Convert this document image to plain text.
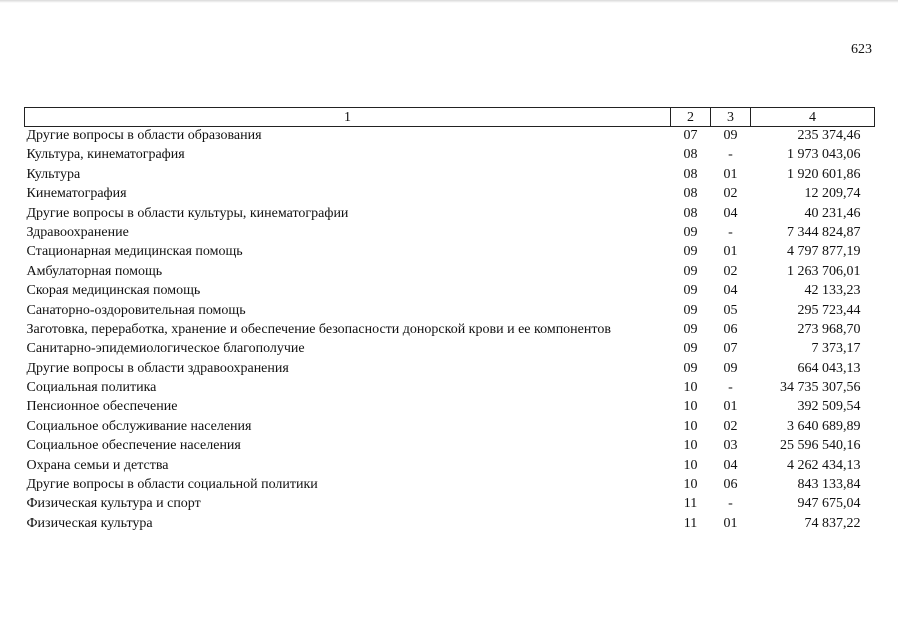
623
1	2	3	4
Другие вопросы в области образования	07	09	235 374,46
Культура, кинематография	08	-	1 973 043,06
Культура	08	01	1 920 601,86
Кинематография	08	02	12 209,74
Другие вопросы в области культуры, кинематографии	08	04	40 231,46
Здравоохранение	09	-	7 344 824,87
Стационарная медицинская помощь	09	01	4 797 877,19
Амбулаторная помощь	09	02	1 263 706,01
Скорая медицинская помощь	09	04	42 133,23
Санаторно-оздоровительная помощь	09	05	295 723,44
Заготовка, переработка, хранение и обеспечение безопасности донорской крови и ее компонентов	09	06	273 968,70
Санитарно-эпидемиологическое благополучие	09	07	7 373,17
Другие вопросы в области здравоохранения	09	09	664 043,13
Социальная политика	10	-	34 735 307,56
Пенсионное обеспечение	10	01	392 509,54
Социальное обслуживание населения	10	02	3 640 689,89
Социальное обеспечение населения	10	03	25 596 540,16
Охрана семьи и детства	10	04	4 262 434,13
Другие вопросы в области социальной политики	10	06	843 133,84
Физическая культура и спорт	11	-	947 675,04
Физическая культура	11	01	74 837,22
